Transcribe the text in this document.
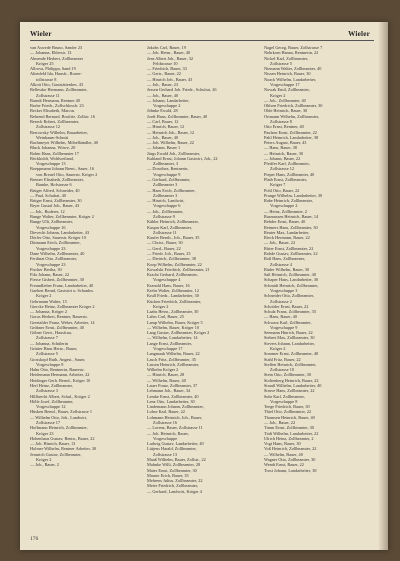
Wieler	Wieler
van Aswede Bruno, Sander 23
— Johanna, Ehlerstr. 13
Almende Herbert, Zollbeamter
Kröger 25
Allrova, Philippa, Sand 19
Altenfeld Ida, Hausfr., Rosen-
tollstrasse 8
Alkott Otto, Gaststättenbes. 43
Bellesdor Hermann, Zollbeamter,
Zollstrasse 11
Barndt Hermann, Rentner 40
Borbe Friedr., Zollschlossfr. 23
Becker Elisabeth, Marcus
Behrend Bernard, Brotfrie. Zollstr. 16
Beseck Robert, Zollbeamter,
Zollstrasse 12
Berrowsky Wilhelm, Bauarbeiter,
Weinbaum-Schnitt
Bachmeyer Wilhelm, Möbelhändler, 40
Bluck Johanna, Witwe, 20
Bohm Hans, Zollbeamter 17
Böckholdt, Wohlweiland,
Vorgeschuppe 13
Boeppmann Johann Brent., Sauer, 16
von Breuel Otto, Sauerstr. Kröger 2
Bremer Elisabeth, Zollbeamter,
Bambe, Hofstrasse 6
Brüger Alfred, Schneider, 40
— Paul, Schulrat, 40
Brüger Ernst, Zollbeamter, 30
Bryer Gustaf Joh., Bauer, 43
— Joh., Ruderer, 12
Bunge Walter, Zollbeamter, Kröger 2
Bunge Ulli, Zollbeamter,
Vorgeschuppe 16
Dievecht Johann, Landarbeiter, 43
Dörfer Otto, Sauerstr. Kröger 10
Dittmann Erich, Zollbeamter,
Vorgeschuppe 23
Dane Wilhelm, Zollbeamter, 40
Ferdinat Otto, Zollbeamter,
Vorgeschuppe 23
Fischer Bertha, 30
Fikr Johann, Bauer, 22
Fiesse Gisbert, Zollbeamter, 30
Freundlieber Franz, Landarbeiter, 40
Gaebert Bernd, Gastwirt u. Schankw.
Kröger 2
Gehrmann Walter, 15
Giercke Heinz, Zollbeamter Kröger 2
— Johanna, Kröger 2
Gorus Herbert, Rentner, Bauerstr.
Greetahler Franz, Weber, Arbeiter, 14
Grübner Ernst, Zollbeamter, 40
Gölner Gertr., Hausfrau,
Zollstrasse 7
— Johanna, Schülerin
Grütter Hans Hertz., Bauer,
Zollstrasse 5
Grosskopf Ruth, Angest., Sauer,
Vorgeschuppe 8
Hahn Otto, Rentnerin, Bauerstr.
Heidemann Hermann, Arbeiter, 22
Heidinger Gerh. Bernd., Kröger 10
Herl Heinz, Zollbeamter,
Zollstrasse 3
Hillbrecht Albert, Schul., Kröger 2
Hölle Josef, Zollbeamter,
Vorgeschuppe 12
Hüsken Bernd., Bauer, Zollstrasse 1
— Wilhelm Otto, Joh., Landwirt,
Zollstrasse 17
Hoffmann Heinrich, Zollbeamter,
Kröger 23
Hohenhaus Gustav, Rentn., Bauer, 22
— Joh. Hinrich, Bauer, 13
Holmer Wilhelm, Rentner Arbeiter, 30
Jennrich Gustav, Zollbeamter,
Kröger 2
— Joh., Bauer, 2
Jakobs Carl, Bauer, 19
— Joh. Herm., Bauer, 40
Jens Albert Joh., Bauer, 32
Feldstrasse 10
— Friedrich, Bauer, 33
— Gertr., Bauer, 22
— Hinrich Joh., Bauer, 43
— Joh., Bauer, 23
Jessen Gerhard Joh. Friedr., Schulrat, 26
— Joh., Bauer, 40
— Johann, Landarbeiter,
Vorgeschuppe 2
Jöhnke Ewald, 28
Jordt Hans, Zollbeamter, Bauer, 40
— Carl, Bauer, 12
— Hinrich, Bauer, 12
— Heinrich Joh., Bauer, 12
— Joh., Bauer, 40
— Joh. Wilhelm, Bauer, 22
— Johann, Bauer 1
Jürgs Ewald Joh., Zollbeamter,
Kahland Ernst, Johann Gastwirt, Joh., 22
Zollbeamter, 3
— Dorothea, Rentnerin,
Vorgeschuppe 9
— Gerhard, Zollbeamter,
Zollbeamter 3
— Hans Erich, Zollbeamter,
Zollbeamter 3
— Hinrich, Landwirt,
Vorgeschuppe 6
— Joh., Zollbeamter,
Zollstrasse 9
Kähler Heinrich, Zollbeamter,
Kaspar Karl, Zollbeamter,
Zollstrasse 11
Kaufer Bernh., Joh., Bauer, 35
— Christ., Bauer, 30
— Gerd., Bauer, 22
— Friedr. Joh., Bauer, 23
— Dietrich, Zollbeamter, 38
Koop Wilhelm, Zollbeamter, 22
Kowalski Friedrich, Zollbeamter, 21
Kracht Gerhard, Zollbeamter,
Vorgeschuppe 4
Kranold Hans, Bauer, 16
Krebs Walter, Zollbeamter, 12
Krull Friedr., Landarbeiter, 30
Kücken Friedrich, Zollbeamter,
Kröger 2
Laabs Heinr., Zollbeamter, 30
Lahrs Carl, Bauer, 25
Lamp Wilhelm, Bauer, Kröger 5
— Wilhelm, Bauer, Kröger 10
Lang Gustav, Zollbeamter, Kröger 2
— Wilhelm, Landarbeiter, 14
Lange Ernst, Zollbeamter,
Vorgeschuppe 17
Langmaak Wilhelm, Bauer, 22
Lasch Fritz, Zollbeamter, 35
Lassen Heinrich, Zollbeamter,
Wilhelm Kröger 2
— Hinrich, Bauer, 28
— Wilhelm, Bauer, 40
Lauer Franz, Zollbeamter, 37
Lehmann Joh., Bauer, 34
Lemke Ernst, Zollbeamter, 40
Lenz Otto, Landarbeiter, 30
Lindemann Johann, Zollbeamter,
Lohse Karl, Bauer, 22
Lohmann Heinrich, Joh., Bauer,
Zollstrasse 16
— Lorenz, Bauer, Zollstrasse 11
— Joh. Heinrich, Bauer,
Vorgeschuppe
Ludwig Gustav, Landarbeiter, 40
Lütjens Harald, Zollbeamter,
Zollstrasse 13
Maaß Wilhelm, Bauer, Zollstr., 22
Mahnke Willi, Zollbeamter, 28
Maier Ernst, Zollbeamter, 30
Maurer Erich, Bauer, 35
Mehrens Julius, Zollbeamter, 22
Meier Friedrich, Zollbeamter,
— Gerhard, Landwirt, Kröger 4
Nagel Georg, Bauer, Zollstrasse 7
Nehrkorn Hanna, Rentnerin, 22
Nickel Karl, Zollbeamter,
Zollstrasse 5
Niemann Walter, Zollbeamter, 40
Nissen Heinrich, Bauer, 30
Noack Wilhelm, Landarbeiter,
Vorgeschuppe 17
Nowak Emil, Zollbeamter,
Kröger 2
— Joh., Zollbeamter, 40
Ohlsen Friedrich, Zollbeamter, 30
Olde Heinrich, Bauer, 30
Ortmann Wilhelm, Zollbeamter,
Zollstrasse 8
Otto Ernst, Rentner, 40
Paulsen Ernst, Zollbeamter, 22
Pahl Heinrich, Landarbeiter, 38
Peters August, Bauer, 43
— Hans, Bauer, 38
— Heinrich, Bauer, 30
— Johann, Bauer, 22
Pfeiffer Karl, Zollbeamter,
Zollstrasse 12
Pieper Hans, Zollbeamter, 40
Plath Ernst, Zollbeamter,
Kröger 7
Pohl Otto, Bauer, 22
Prange Wilhelm, Landarbeiter, 30
Rabe Heinrich, Zollbeamter,
Vorgeschuppe 2
— Heinz, Zollbeamter, 2
Rasmussen Heinrich, Bauer, 14
Rehder Ernst, Bauer, 40
Reimers Hans, Zollbeamter, 30
Reuter Max, Landarbeiter,
Rieck Hermann, Bauer, 22
— Joh., Bauer, 22
Ritter Ernst, Zollbeamter, 22
Rohde Gustav, Zollbeamter, 22
Roß Hans, Zollbeamter,
Zollstrasse 4
Rüder Wilhelm, Bauer, 30
Saß Heinrich, Zollbeamter, 40
Schaper Hans, Landarbeiter, 30
Schmidt Heinrich, Zollbeamter,
Vorgeschuppe 3
Schneider Otto, Zollbeamter,
Zollstrasse 2
Schröder Ernst, Bauer, 22
Schulz Franz, Zollbeamter, 35
— Hans, Bauer, 40
Schwarz Karl, Zollbeamter,
Vorgeschuppe 9
Seemann Hinrich, Bauer, 22
Siebert Max, Zollbeamter, 30
Sievers Johann, Landarbeiter,
Kröger 2
Sommer Ernst, Zollbeamter, 40
Stahl Fritz, Bauer, 22
Steffen Heinrich, Zollbeamter,
Zollstrasse 10
Stein Otto, Zollbeamter, 30
Stoltenberg Heinrich, Bauer, 22
Strauß Wilhelm, Landarbeiter, 40
Struve Hans, Zollbeamter, 22
Suhr Karl, Zollbeamter,
Vorgeschuppe 8
Teege Friedrich, Bauer, 30
Thiel Otto, Zollbeamter, 22
Thomsen Heinrich, Bauer, 40
— Joh., Bauer, 22
Timm Ernst, Zollbeamter, 30
Tödt Wilhelm, Landarbeiter, 22
Ulrich Heinz, Zollbeamter, 2
Vogt Hans, Bauer, 30
Voß Heinrich, Zollbeamter, 22
— Wilhelm, Bauer, 40
Wagner Otto, Zollbeamter, 30
Wendt Ernst, Bauer, 22
Trost Johann, Landarbeiter, 38
176
